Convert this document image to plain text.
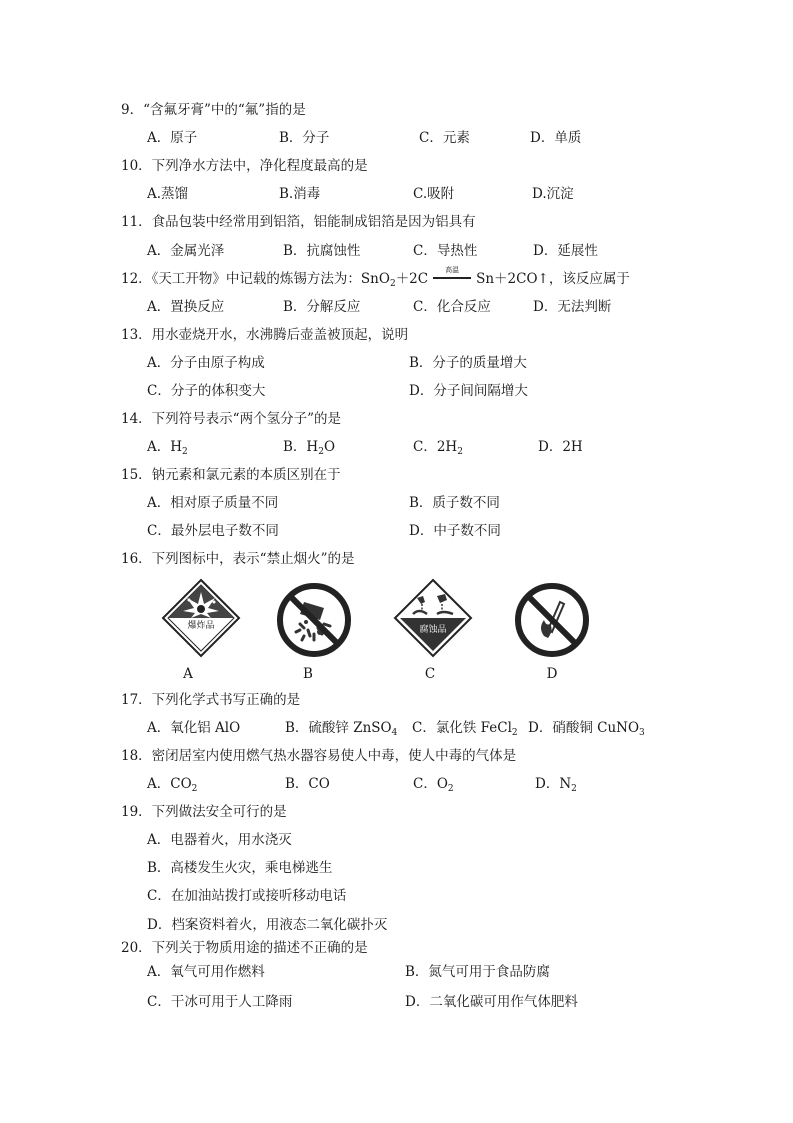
9．“含氟牙膏”中的“氟”指的是
A．原子	B．分子	C．元素	D．单质
10．下列净水方法中，净化程度最高的是
A.蒸馏	B.消毒	C.吸附	D.沉淀
11．食品包装中经常用到铝箔，铝能制成铝箔是因为铝具有
A．金属光泽	B．抗腐蚀性	C．导热性	D．延展性
12．《天工开物》中记载的炼锡方法为：SnO$_2$＋2C
高温
Sn＋2CO↑，该反应属于
A．置换反应	B．分解反应	C．化合反应	D．无法判断
13．用水壶烧开水，水沸腾后壶盖被顶起，说明
A．分子由原子构成	B．分子的质量增大
C．分子的体积变大	D．分子间间隔增大
14．下列符号表示“两个氢分子”的是
A．$H_2$	B．$H_2O$	C．$2H_2$	D．2H
15．钠元素和氯元素的本质区别在于
A．相对原子质量不同	B．质子数不同
C．最外层电子数不同	D．中子数不同
16．下列图标中，表示“禁止烟火”的是
爆炸品	腐蚀品
A	B	C	D
17．下列化学式书写正确的是
A．氧化铝 AlO	B．硫酸锌 ZnSO$_4$ C．氯化铁 FeCl$_2$ D．硝酸铜 CuNO$_3$
18．密闭居室内使用燃气热水器容易使人中毒，使人中毒的气体是
A．$CO_2$	B．CO	C．$O_2$	D．$N_2$
19．下列做法安全可行的是
A．电器着火，用水浇灭
B．高楼发生火灾，乘电梯逃生
C．在加油站拨打或接听移动电话
D．档案资料着火，用液态二氧化碳扑灭
20．下列关于物质用途的描述不正确的是
A．氧气可用作燃料	B．氮气可用于食品防腐
C．干冰可用于人工降雨	D．二氧化碳可用作气体肥料
